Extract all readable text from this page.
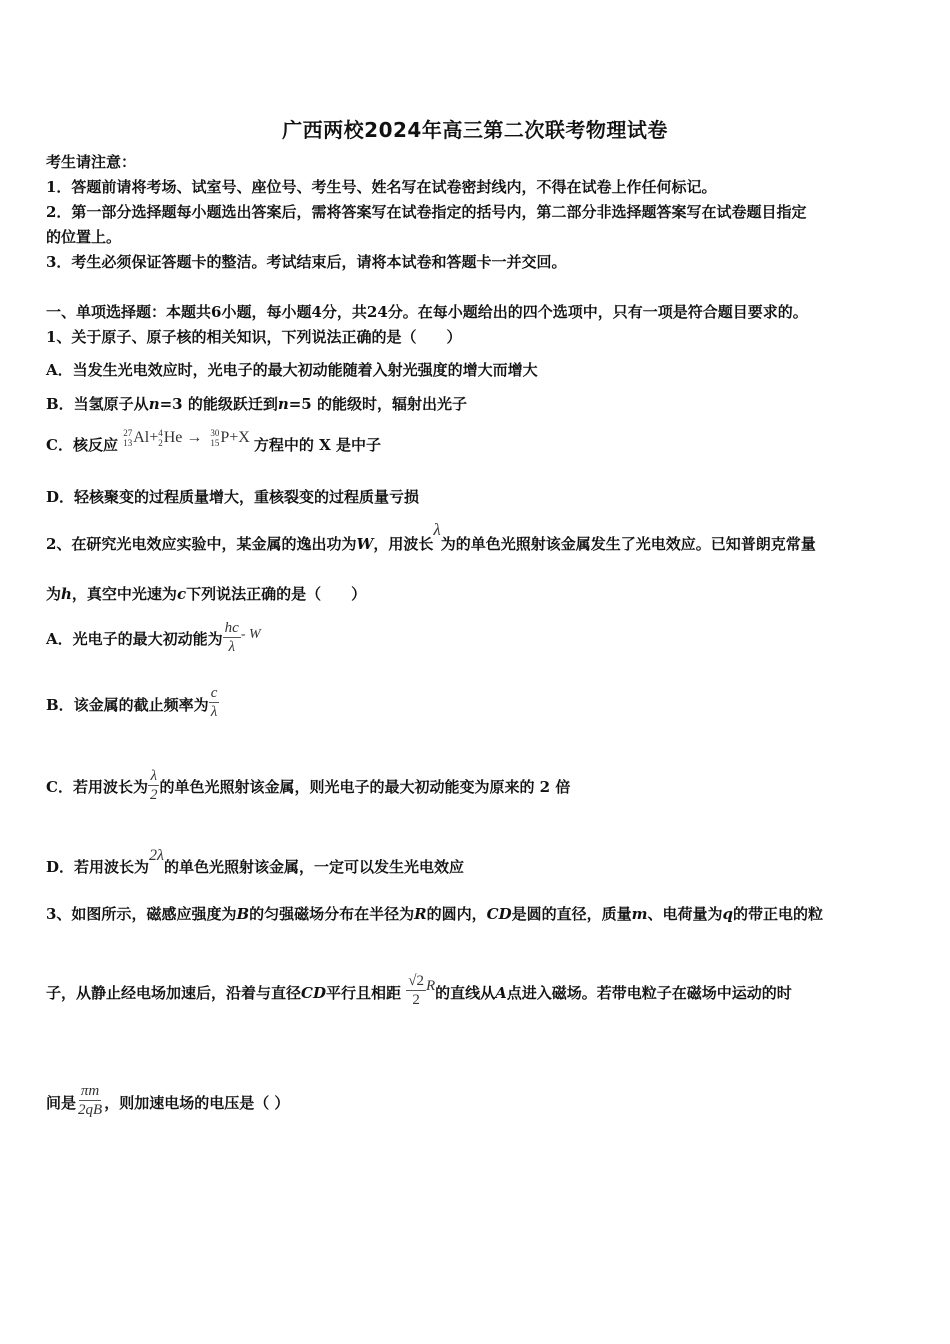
广西两校2024年高三第二次联考物理试卷
考生请注意：
1．答题前请将考场、试室号、座位号、考生号、姓名写在试卷密封线内，不得在试卷上作任何标记。
2．第一部分选择题每小题选出答案后，需将答案写在试卷指定的括号内，第二部分非选择题答案写在试卷题目指定
的位置上。
3．考生必须保证答题卡的整洁。考试结束后，请将本试卷和答题卡一并交回。
一、单项选择题：本题共6小题，每小题4分，共24分。在每小题给出的四个选项中，只有一项是符合题目要求的。
1、关于原子、原子核的相关知识，下列说法正确的是（　　）
A．当发生光电效应时，光电子的最大初动能随着入射光强度的增大而增大
B．当氢原子从n=3 的能级跃迁到n=5 的能级时，辐射出光子
C．核反应
27
13 Al+ 4
2 He → 30
15 P+X 方程中的 X 是中子
D．轻核聚变的过程质量增大，重核裂变的过程质量亏损
2、在研究光电效应实验中，某金属的逸出功为W，用波长λ为的单色光照射该金属发生了光电效应。已知普朗克常量
为h，真空中光速为c下列说法正确的是（　　）
A．光电子的最大初动能为 $\frac{hc}{\lambda}$ - W
B．该金属的截止频率为 $\frac{c}{\lambda}$
C．若用波长为 $\frac{\lambda}{2}$ 的单色光照射该金属，则光电子的最大初动能变为原来的 2 倍
D．若用波长为2λ的单色光照射该金属，一定可以发生光电效应
3、如图所示，磁感应强度为B的匀强磁场分布在半径为R的圆内，CD是圆的直径，质量m、电荷量为q的带正电的粒
子，从静止经电场加速后，沿着与直径CD平行且相距 $\frac{√2}{2}$ R的直线从A点进入磁场。若带电粒子在磁场中运动的时
间是 $\frac{\pi m}{2qB}$ ，则加速电场的电压是（ ）
